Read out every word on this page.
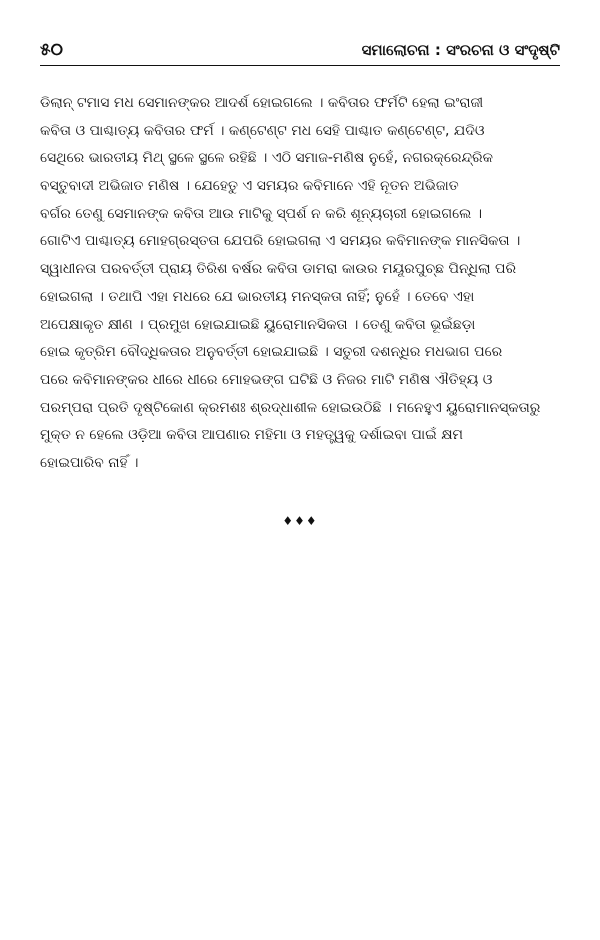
୫୦	ସମାଲୋଚନା : ସଂରଚନା ଓ ସଂଦୃଷ୍ଟି
ଡିଲାନ୍ ଟମାସ ମଧ ସେମାନଙ୍କର ଆଦର୍ଶ ହୋଇଗଲେ । କବିତାର ଫର୍ମଟି ହେଲା ଇଂରାଜୀ
କବିତା ଓ ପାଶ୍ଚାତ୍ୟ କବିତାର ଫର୍ମ । କଣ୍ଟେଣ୍ଟ ମଧ ସେହି ପାଶ୍ଚାତ କଣ୍ଟେଣ୍ଟ, ଯଦିଓ
ସେଥିରେ ଭାରତୀୟ ମିଥ୍ ସ୍ଥଳେ ସ୍ଥଳେ ରହିଛି । ଏଠି ସମାଜ-ମଣିଷ ନୁହେଁ, ନଗରକ୍ରେନ୍ଦ୍ରିକ
ବସ୍ତୁବାଦୀ ଅଭିଜାତ ମଣିଷ । ଯେହେତୁ ଏ ସମୟର କବିମାନେ ଏହି ନୂତନ ଅଭିଜାତ
ବର୍ଗର ତେଣୁ ସେମାନଙ୍କ କବିତା ଆଉ ମାଟିକୁ ସ୍ପର୍ଶ ନ କରି ଶୂନ୍ୟଚାରୀ ହୋଇଗଲେ ।
ଗୋଟିଏ ପାଶ୍ଚାତ୍ୟ ମୋହଗ୍ରସ୍ତତା ଯେପରି ହୋଇଗଲା ଏ ସମୟର କବିମାନଙ୍କ ମାନସିକତା ।
ସ୍ୱାଧୀନତା ପରବର୍ତ୍ତୀ ପ୍ରାୟ ତିରିଶ ବର୍ଷର କବିତା ଡାମରା କାଉର ମୟୂରପୁଚ୍ଛ ପିନ୍ଧିଲା ପରି
ହୋଇଗଲା । ତଥାପି ଏହା ମଧରେ ଯେ ଭାରତୀୟ ମନସ୍କତା ନାହିଁ; ନୁହେଁ । ତେବେ ଏହା
ଅପେକ୍ଷାକୃତ କ୍ଷୀଣ । ପ୍ରମୁଖ ହୋଇଯାଇଛି ୟୁରୋମାନସିକତା । ତେଣୁ କବିତା ଭୂଇଁଛଡ଼ା
ହୋଇ କୃତ୍ରିମ ବୌଦ୍ଧିକତାର ଅନୁବର୍ତ୍ତୀ ହୋଇଯାଇଛି । ସତୁରୀ ଦଶନ୍ଧିର ମଧଭାଗ ପରେ
ପରେ କବିମାନଙ୍କର ଧୀରେ ଧୀରେ ମୋହଭଙ୍ଗ ଘଟିଛି ଓ ନିଜର ମାଟି ମଣିଷ ଐତିହ୍ୟ ଓ
ପରମ୍ପରା ପ୍ରତି ଦୃଷ୍ଟିକୋଣ କ୍ରମଶଃ ଶ୍ରଦ୍ଧାଶୀଳ ହୋଇଉଠିଛି । ମନେହୁଏ ୟୁରୋମାନସ୍କତାରୁ
ମୁକ୍ତ ନ ହେଲେ ଓଡ଼ିଆ କବିତା ଆପଣାର ମହିମା ଓ ମହତ୍ତ୍ୱକୁ ଦର୍ଶାଇବା ପାଇଁ କ୍ଷମ
ହୋଇପାରିବ ନାହିଁ ।
♦♦♦
